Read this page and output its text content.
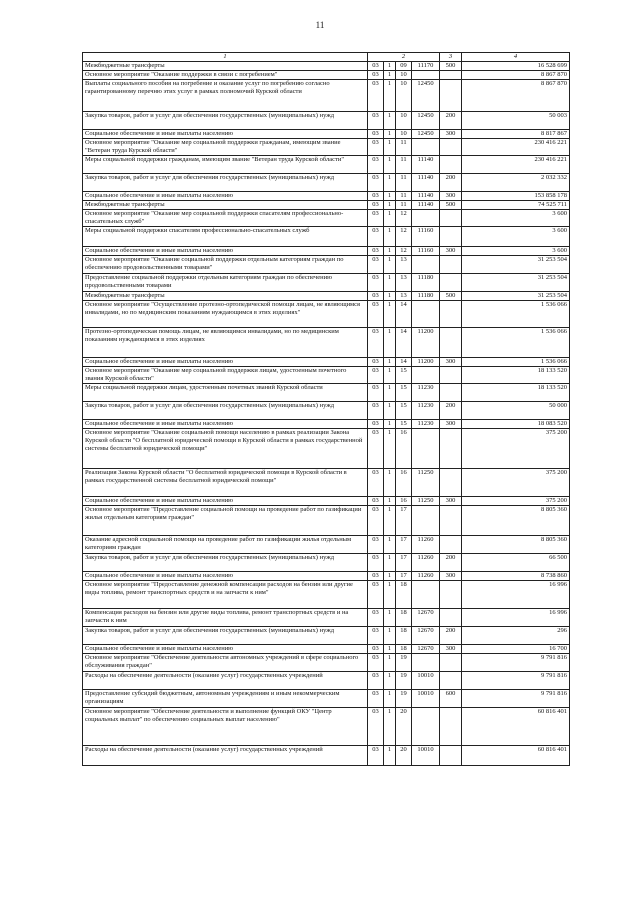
11
1	2				3	4
Межбюджетные трансферты	03	1	09	11170	500	16 528 699
Основное мероприятие "Оказание поддержки в связи с погребением"	03	1	10			8 867 870
Выплаты социального пособия на погребение и оказание услуг по погребению согласно гарантированному перечню этих услуг в рамках полномочий Курской области	03	1	10	12450		8 867 870
Закупка товаров, работ и услуг для обеспечения государственных (муниципальных) нужд	03	1	10	12450	200	50 003
Социальное обеспечение и иные выплаты населению	03	1	10	12450	300	8 817 867
Основное мероприятие "Оказание мер социальной поддержки гражданам, имеющим звание "Ветеран труда Курской области"	03	1	11			230 416 221
Меры социальной поддержки гражданам, имеющим звание "Ветеран труда Курской области"	03	1	11	11140		230 416 221
Закупка товаров, работ и услуг для обеспечения государственных (муниципальных) нужд	03	1	11	11140	200	2 032 332
Социальное обеспечение и иные выплаты населению	03	1	11	11140	300	153 858 178
Межбюджетные трансферты	03	1	11	11140	500	74 525 711
Основное мероприятие "Оказание мер социальной поддержки спасателям профессионально-спасательных служб"	03	1	12			3 600
Меры социальной поддержки спасателям профессионально-спасательных служб	03	1	12	11160		3 600
Социальное обеспечение и иные выплаты населению	03	1	12	11160	300	3 600
Основное мероприятие "Оказание социальной поддержки отдельным категориям граждан по обеспечению продовольственными товарами"	03	1	13			31 253 504
Предоставление социальной поддержки отдельным категориям граждан по обеспечению продовольственными товарами	03	1	13	11180		31 253 504
Межбюджетные трансферты	03	1	13	11180	500	31 253 504
Основное мероприятие "Осуществление протезно-ортопедической помощи лицам, не являющимся инвалидами, но по медицинским показаниям нуждающимся в этих изделиях"	03	1	14			1 536 066
Протезно-ортопедическая помощь лицам, не являющимся инвалидами, но по медицинским показаниям нуждающимся в этих изделиях	03	1	14	11200		1 536 066
Социальное обеспечение и иные выплаты населению	03	1	14	11200	300	1 536 066
Основное мероприятие "Оказание мер социальной поддержки лицам, удостоенным почетного звания Курской области"	03	1	15			18 133 520
Меры социальной поддержки лицам, удостоенным почетных званий Курской области	03	1	15	11230		18 133 520
Закупка товаров, работ и услуг для обеспечения государственных (муниципальных) нужд	03	1	15	11230	200	50 000
Социальное обеспечение и иные выплаты населению	03	1	15	11230	300	18 083 520
Основное мероприятие "Оказание социальной помощи населению в рамках реализации Закона Курской области "О бесплатной юридической помощи в Курской области в рамках государственной системы бесплатной юридической помощи"	03	1	16			375 200
Реализация Закона Курской области "О бесплатной юридической помощи в Курской области в рамках государственной системы бесплатной юридической помощи"	03	1	16	11250		375 200
Социальное обеспечение и иные выплаты населению	03	1	16	11250	300	375 200
Основное мероприятие "Предоставление социальной помощи на проведение работ по газификации жилья отдельным категориям граждан"	03	1	17			8 805 360
Оказание адресной социальной помощи на проведение работ по газификации жилья отдельным категориям граждан	03	1	17	11260		8 805 360
Закупка товаров, работ и услуг для обеспечения государственных (муниципальных) нужд	03	1	17	11260	200	66 500
Социальное обеспечение и иные выплаты населению	03	1	17	11260	300	8 738 860
Основное мероприятие "Предоставление денежной компенсации расходов на бензин или другие виды топлива, ремонт транспортных средств и на запчасти к ним"	03	1	18			16 996
Компенсация расходов на бензин или другие виды топлива, ремонт транспортных средств и на запчасти к ним	03	1	18	12670		16 996
Закупка товаров, работ и услуг для обеспечения государственных (муниципальных) нужд	03	1	18	12670	200	296
Социальное обеспечение и иные выплаты населению	03	1	18	12670	300	16 700
Основное мероприятие "Обеспечение деятельности автономных учреждений в сфере социального обслуживания граждан"	03	1	19			9 791 816
Расходы на обеспечение деятельности (оказание услуг) государственных учреждений	03	1	19	10010		9 791 816
Предоставление субсидий бюджетным, автономным учреждениям и иным некоммерческим организациям	03	1	19	10010	600	9 791 816
Основное мероприятие "Обеспечение деятельности и выполнение функций ОКУ "Центр социальных выплат" по обеспечению социальных выплат населению"	03	1	20			60 816 401
Расходы на обеспечение деятельности (оказание услуг) государственных учреждений	03	1	20	10010		60 816 401
